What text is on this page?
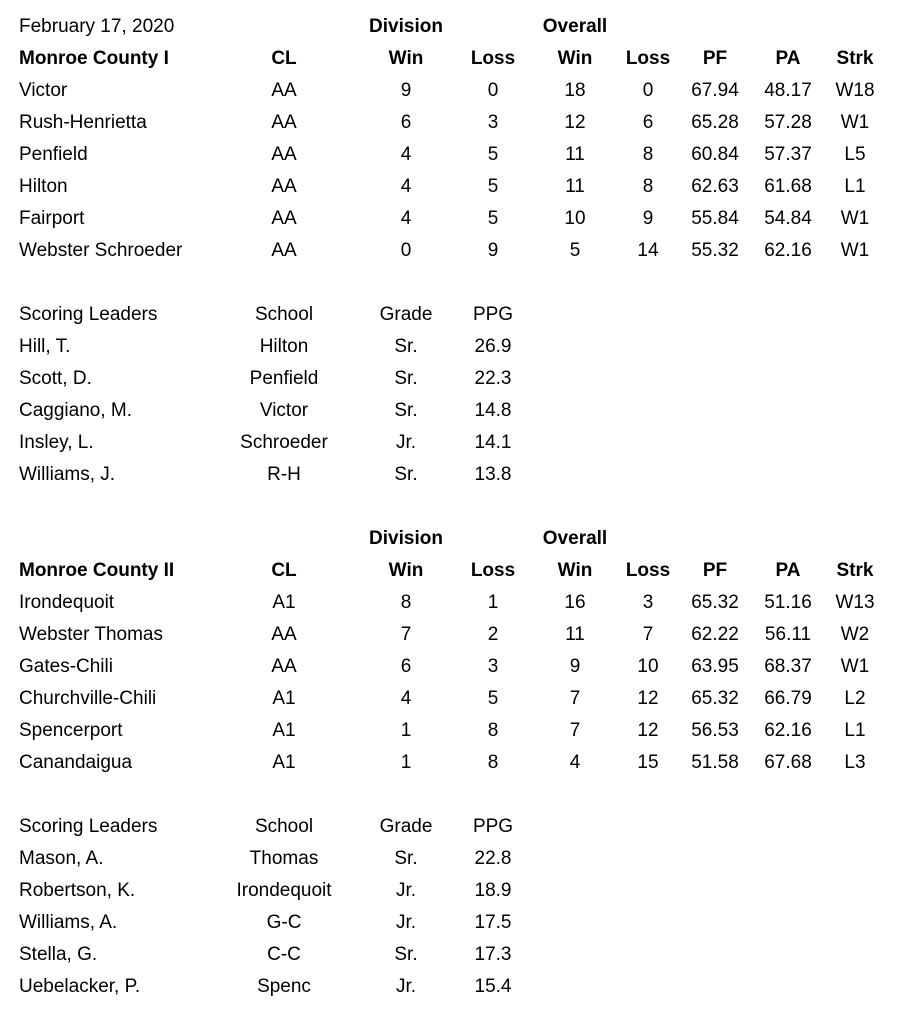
February 17, 2020	Division	Overall
Monroe County I	CL	Win Loss Win Loss PF	PA Strk
Victor	AA	9	0	18	0 67.94 48.17 W18
Rush-Henrietta	AA	6	3	12	6 65.28 57.28 W1
Penfield	AA	4	5	11	8 60.84 57.37 L5
Hilton	AA	4	5	11	8 62.63 61.68 L1
Fairport	AA	4	5	10	9 55.84 54.84 W1
Webster Schroeder	AA	0	9	5	14 55.32 62.16 W1
Scoring Leaders	School	Grade PPG
Hill, T.	Hilton	Sr.	26.9
Scott, D.	Penfield	Sr.	22.3
Caggiano, M.	Victor	Sr.	14.8
Insley, L.	Schroeder	Jr.	14.1
Williams, J.	R-H	Sr.	13.8
Division	Overall
Monroe County II	CL	Win Loss Win Loss PF	PA Strk
Irondequoit	A1	8	1	16	3 65.32 51.16 W13
Webster Thomas	AA	7	2	11	7 62.22 56.11 W2
Gates-Chili	AA	6	3	9	10 63.95 68.37 W1
Churchville-Chili	A1	4	5	7	12 65.32 66.79 L2
Spencerport	A1	1	8	7	12 56.53 62.16 L1
Canandaigua	A1	1	8	4	15 51.58 67.68 L3
Scoring Leaders	School	Grade PPG
Mason, A.	Thomas	Sr.	22.8
Robertson, K.	Irondequoit	Jr.	18.9
Williams, A.	G-C	Jr.	17.5
Stella, G.	C-C	Sr.	17.3
Uebelacker, P.	Spenc	Jr.	15.4
